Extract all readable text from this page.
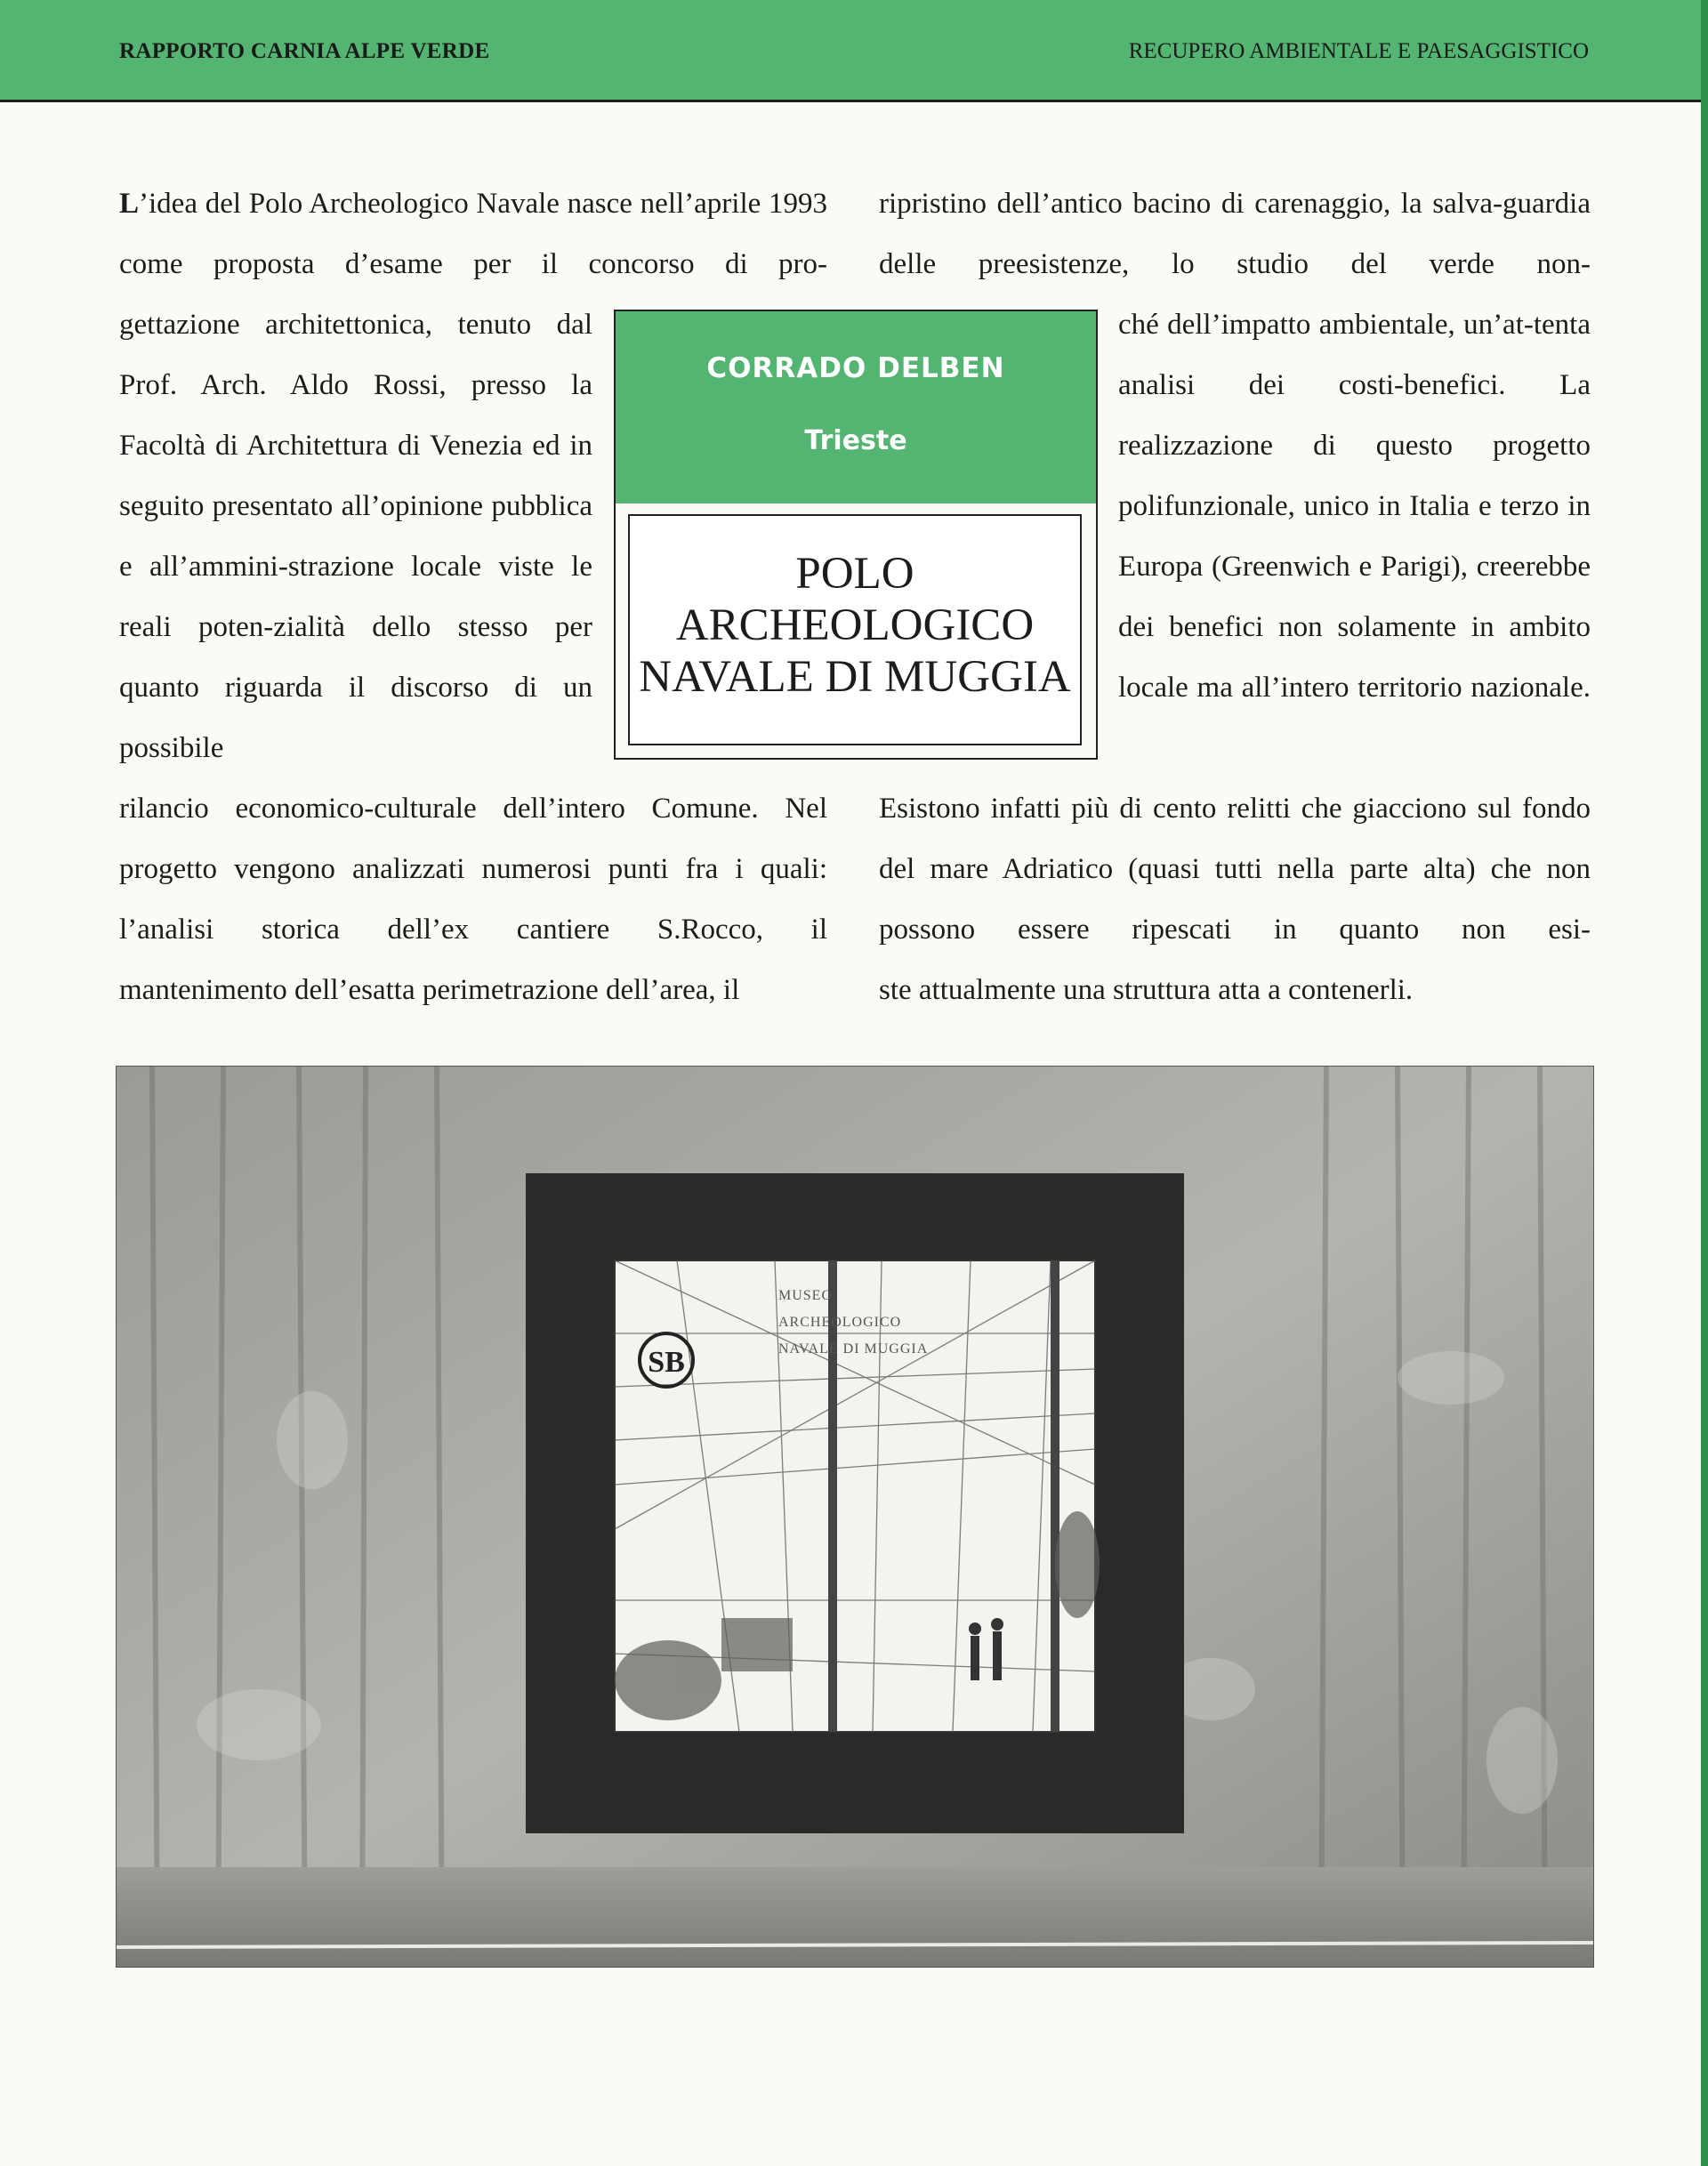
RAPPORTO CARNIA ALPE VERDE	RECUPERO AMBIENTALE E PAESAGGISTICO

L’idea del Polo Archeologico Navale nasce nell’aprile 1993 come proposta d’esame per il concorso di pro-

gettazione architettonica, tenuto dal Prof. Arch. Aldo Rossi, presso la Facoltà di Architettura di Venezia ed in seguito presentato all’opinione pubblica e all’ammini-strazione locale viste le reali poten-zialità dello stesso per quanto riguarda il discorso di un possibile

rilancio economico-culturale dell’intero Comune. Nel progetto vengono analizzati numerosi punti fra i quali: l’analisi storica dell’ex cantiere S.Rocco, il

mantenimento dell’esatta perimetrazione dell’area, il

ripristino dell’antico bacino di carenaggio, la salva-guardia delle preesistenze, lo studio del verde non-

ché dell’impatto ambientale, un’at-tenta analisi dei costi-benefici. La realizzazione di questo progetto polifunzionale, unico in Italia e terzo in Europa (Greenwich e Parigi), creerebbe dei benefici non solamente in ambito locale ma all’intero territorio nazionale.

Esistono infatti più di cento relitti che giacciono sul fondo del mare Adriatico (quasi tutti nella parte alta) che non possono essere ripescati in quanto non esi-

ste attualmente una struttura atta a contenerli.

CORRADO DELBEN
Trieste
POLO
ARCHEOLOGICO
NAVALE DI MUGGIA
SB
MUSEO
ARCHEOLOGICO
NAVALE DI MUGGIA
